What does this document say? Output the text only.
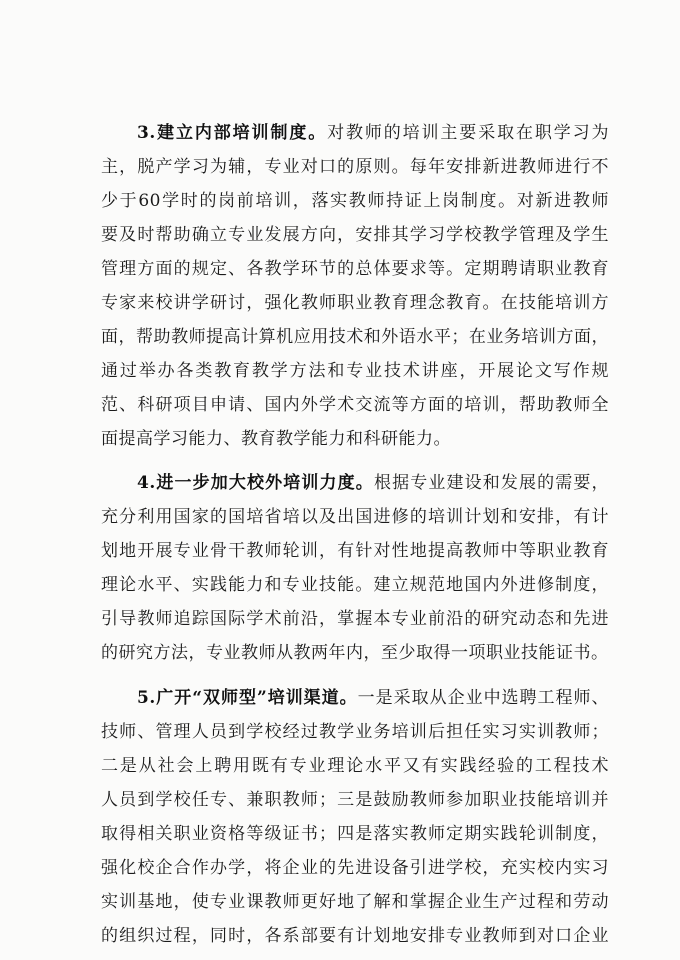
3.建立内部培训制度。对教师的培训主要采取在职学习为

主，脱产学习为辅，专业对口的原则。每年安排新进教师进行不

少于60学时的岗前培训，落实教师持证上岗制度。对新进教师

要及时帮助确立专业发展方向，安排其学习学校教学管理及学生

管理方面的规定、各教学环节的总体要求等。定期聘请职业教育

专家来校讲学研讨，强化教师职业教育理念教育。在技能培训方

面，帮助教师提高计算机应用技术和外语水平；在业务培训方面，

通过举办各类教育教学方法和专业技术讲座，开展论文写作规

范、科研项目申请、国内外学术交流等方面的培训，帮助教师全

面提高学习能力、教育教学能力和科研能力。

4.进一步加大校外培训力度。根据专业建设和发展的需要，

充分利用国家的国培省培以及出国进修的培训计划和安排，有计

划地开展专业骨干教师轮训，有针对性地提高教师中等职业教育

理论水平、实践能力和专业技能。建立规范地国内外进修制度，

引导教师追踪国际学术前沿，掌握本专业前沿的研究动态和先进

的研究方法，专业教师从教两年内，至少取得一项职业技能证书。

5.广开“双师型”培训渠道。一是采取从企业中选聘工程师、

技师、管理人员到学校经过教学业务培训后担任实习实训教师；

二是从社会上聘用既有专业理论水平又有实践经验的工程技术

人员到学校任专、兼职教师；三是鼓励教师参加职业技能培训并

取得相关职业资格等级证书；四是落实教师定期实践轮训制度，

强化校企合作办学，将企业的先进设备引进学校，充实校内实习

实训基地，使专业课教师更好地了解和掌握企业生产过程和劳动

的组织过程，同时，各系部要有计划地安排专业教师到对口企业
